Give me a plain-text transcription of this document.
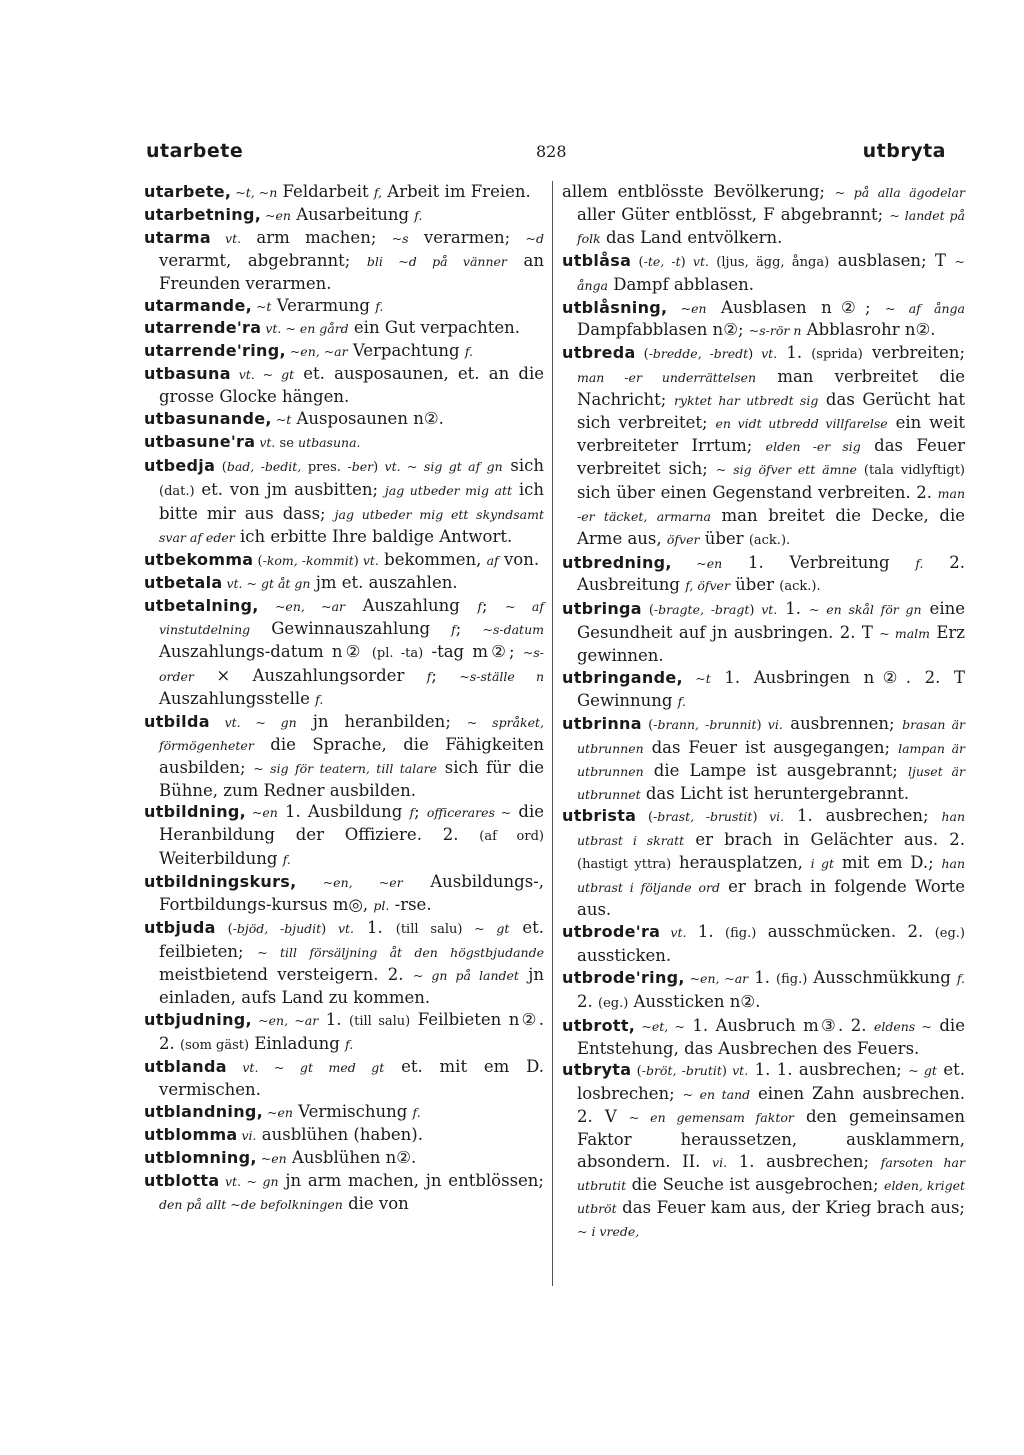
utarbete	828	utbryta

utarbete, ~t, ~n Feldarbeit f, Arbeit im Freien.

utarbetning, ~en Ausarbeitung f.

utarma vt. arm machen; ~s verarmen; ~d verarmt, abgebrannt; bli ~d på vänner an Freunden verarmen.

utarmande, ~t Verarmung f.

utarrende'ra vt. ~ en gård ein Gut verpachten.

utarrende'ring, ~en, ~ar Verpachtung f.

utbasuna vt. ~ gt et. ausposaunen, et. an die grosse Glocke hängen.

utbasunande, ~t Ausposaunen n②.

utbasune'ra vt. se utbasuna.

utbedja (bad, -bedit, pres. -ber) vt. ~ sig gt af gn sich (dat.) et. von jm ausbitten; jag utbeder mig att ich bitte mir aus dass; jag utbeder mig ett skyndsamt svar af eder ich erbitte Ihre baldige Antwort.

utbekomma (-kom, -kommit) vt. bekommen, af von.

utbetala vt. ~ gt åt gn jm et. auszahlen.

utbetalning, ~en, ~ar Auszahlung f; ~ af vinstutdelning Gewinnauszahlung f; ~s-datum Auszahlungs-datum n② (pl. -ta) -tag m②; ~s-order × Auszahlungsorder f; ~s-ställe n Auszahlungsstelle f.

utbilda vt. ~ gn jn heranbilden; ~ språket, förmögenheter die Sprache, die Fähigkeiten ausbilden; ~ sig för teatern, till talare sich für die Bühne, zum Redner ausbilden.

utbildning, ~en 1. Ausbildung f; officerares ~ die Heranbildung der Offiziere. 2. (af ord) Weiterbildung f.

utbildningskurs, ~en, ~er Ausbildungs-, Fortbildungs-kursus m◎, pl. -rse.

utbjuda (-bjöd, -bjudit) vt. 1. (till salu) ~ gt et. feilbieten; ~ till försäljning åt den högstbjudande meistbietend versteigern. 2. ~ gn på landet jn einladen, aufs Land zu kommen.

utbjudning, ~en, ~ar 1. (till salu) Feilbieten n②. 2. (som gäst) Einladung f.

utblanda vt. ~ gt med gt et. mit em D. vermischen.

utblandning, ~en Vermischung f.

utblomma vi. ausblühen (haben).

utblomning, ~en Ausblühen n②.

utblotta vt. ~ gn jn arm machen, jn entblössen; den på allt ~de befolkningen die von

allem entblösste Bevölkerung; ~ på alla ägodelar aller Güter entblösst, F abgebrannt; ~ landet på folk das Land entvölkern.

utblåsa (-te, -t) vt. (ljus, ägg, ånga) ausblasen; T ~ ånga Dampf abblasen.

utblåsning, ~en Ausblasen n②; ~ af ånga Dampfabblasen n②; ~s-rör n Abblasrohr n②.

utbreda (-bredde, -bredt) vt. 1. (sprida) verbreiten; man -er underrättelsen man verbreitet die Nachricht; ryktet har utbredt sig das Gerücht hat sich verbreitet; en vidt utbredd villfarelse ein weit verbreiteter Irrtum; elden -er sig das Feuer verbreitet sich; ~ sig öfver ett ämne (tala vidlyftigt) sich über einen Gegenstand verbreiten. 2. man -er täcket, armarna man breitet die Decke, die Arme aus, öfver über (ack.).

utbredning, ~en 1. Verbreitung f. 2. Ausbreitung f, öfver über (ack.).

utbringa (-bragte, -bragt) vt. 1. ~ en skål för gn eine Gesundheit auf jn ausbringen. 2. T ~ malm Erz gewinnen.

utbringande, ~t 1. Ausbringen n②. 2. T Gewinnung f.

utbrinna (-brann, -brunnit) vi. ausbrennen; brasan är utbrunnen das Feuer ist ausgegangen; lampan är utbrunnen die Lampe ist ausgebrannt; ljuset är utbrunnet das Licht ist heruntergebrannt.

utbrista (-brast, -brustit) vi. 1. ausbrechen; han utbrast i skratt er brach in Gelächter aus. 2. (hastigt yttra) herausplatzen, i gt mit em D.; han utbrast i följande ord er brach in folgende Worte aus.

utbrode'ra vt. 1. (fig.) ausschmücken. 2. (eg.) aussticken.

utbrode'ring, ~en, ~ar 1. (fig.) Ausschmükkung f. 2. (eg.) Aussticken n②.

utbrott, ~et, ~ 1. Ausbruch m③. 2. eldens ~ die Entstehung, das Ausbrechen des Feuers.

utbryta (-bröt, -brutit) vt. 1. 1. ausbrechen; ~ gt et. losbrechen; ~ en tand einen Zahn ausbrechen. 2. V ~ en gemensam faktor den gemeinsamen Faktor heraussetzen, ausklammern, absondern. II. vi. 1. ausbrechen; farsoten har utbrutit die Seuche ist ausgebrochen; elden, kriget utbröt das Feuer kam aus, der Krieg brach aus; ~ i vrede,
